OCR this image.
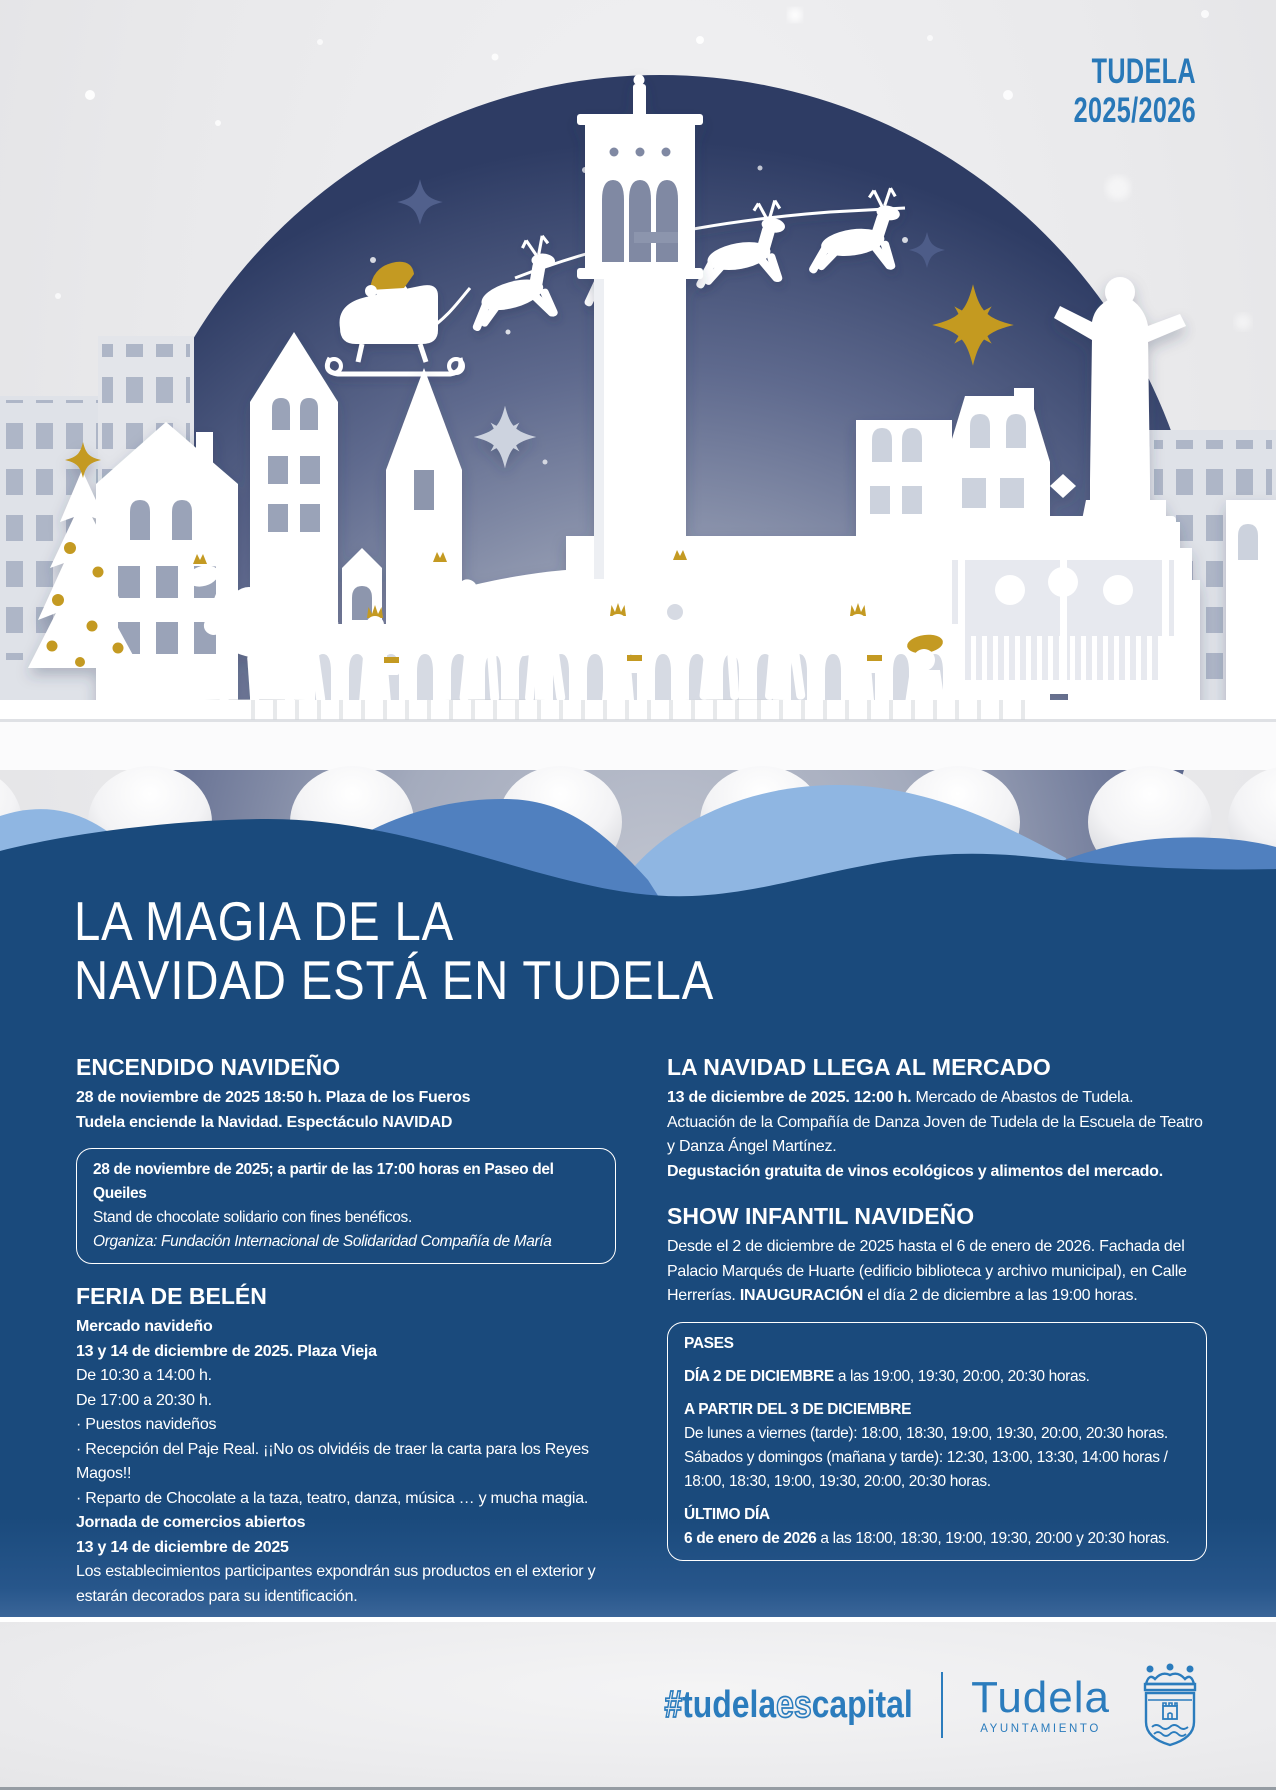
TUDELA
2025/2026
LA MAGIA DE LA
NAVIDAD ESTÁ EN TUDELA
ENCENDIDO NAVIDEÑO

28 de noviembre de 2025 18:50 h. Plaza de los Fueros

Tudela enciende la Navidad. Espectáculo NAVIDAD

28 de noviembre de 2025; a partir de las 17:00 horas en Paseo del Queiles

Stand de chocolate solidario con fines benéficos.

Organiza: Fundación Internacional de Solidaridad Compañía de María

FERIA DE BELÉN

Mercado navideño

13 y 14 de diciembre de 2025. Plaza Vieja

De 10:30 a 14:00 h.

De 17:00 a 20:30 h.

· Puestos navideños

· Recepción del Paje Real. ¡¡No os olvidéis de traer la carta para los Reyes Magos!!

· Reparto de Chocolate a la taza, teatro, danza, música … y mucha magia.

Jornada de comercios abiertos

13 y 14 de diciembre de 2025

Los establecimientos participantes expondrán sus productos en el exterior y estarán decorados para su identificación.

LA NAVIDAD LLEGA AL MERCADO

13 de diciembre de 2025. 12:00 h. Mercado de Abastos de Tudela.

Actuación de la Compañía de Danza Joven de Tudela de la Escuela de Teatro y Danza Ángel Martínez.

Degustación gratuita de vinos ecológicos y alimentos del mercado.

SHOW INFANTIL NAVIDEÑO

Desde el 2 de diciembre de 2025 hasta el 6 de enero de 2026. Fachada del Palacio Marqués de Huarte (edificio biblioteca y archivo municipal), en Calle Herrerías. INAUGURACIÓN el día 2 de diciembre a las 19:00 horas.

PASES

DÍA 2 DE DICIEMBRE a las 19:00, 19:30, 20:00, 20:30 horas.

A PARTIR DEL 3 DE DICIEMBRE

De lunes a viernes (tarde): 18:00, 18:30, 19:00, 19:30, 20:00, 20:30 horas.

Sábados y domingos (mañana y tarde): 12:30, 13:00, 13:30, 14:00 horas / 18:00, 18:30, 19:00, 19:30, 20:00, 20:30 horas.

ÚLTIMO DÍA

6 de enero de 2026 a las 18:00, 18:30, 19:00, 19:30, 20:00 y 20:30 horas.

#tudelaescapital Tudela
AYUNTAMIENTO
